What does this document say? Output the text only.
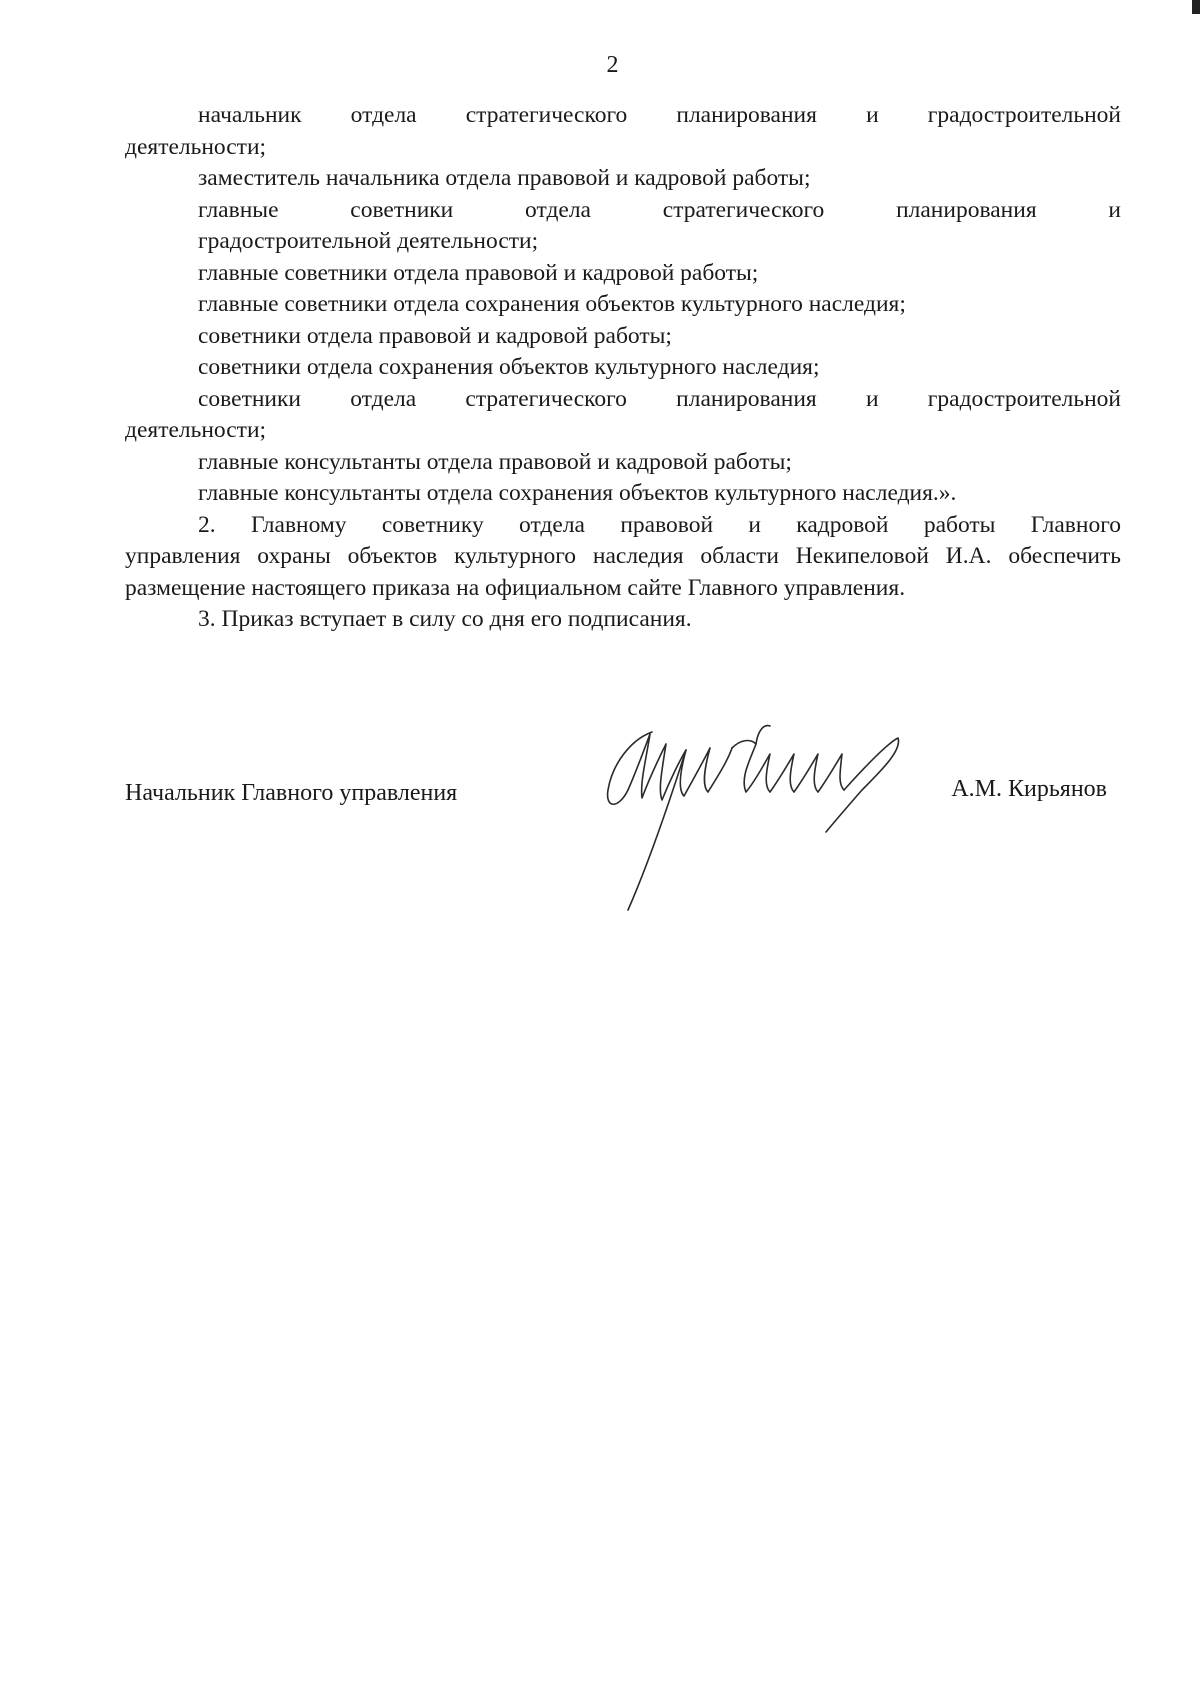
2

начальник отдела стратегического планирования и градостроительной

деятельности;

заместитель начальника отдела правовой и кадровой работы;

главные советники отдела стратегического планирования и

градостроительной деятельности;

главные советники отдела правовой и кадровой работы;

главные советники отдела сохранения объектов культурного наследия;

советники отдела правовой и кадровой работы;

советники отдела сохранения объектов культурного наследия;

советники отдела стратегического планирования и градостроительной

деятельности;

главные консультанты отдела правовой и кадровой работы;

главные консультанты отдела сохранения объектов культурного наследия.».

2. Главному советнику отдела правовой и кадровой работы Главного

управления охраны объектов культурного наследия области Некипеловой И.А. обеспечить размещение настоящего приказа на официальном сайте Главного управления.

3. Приказ вступает в силу со дня его подписания.

Начальник Главного управления	А.М. Кирьянов
